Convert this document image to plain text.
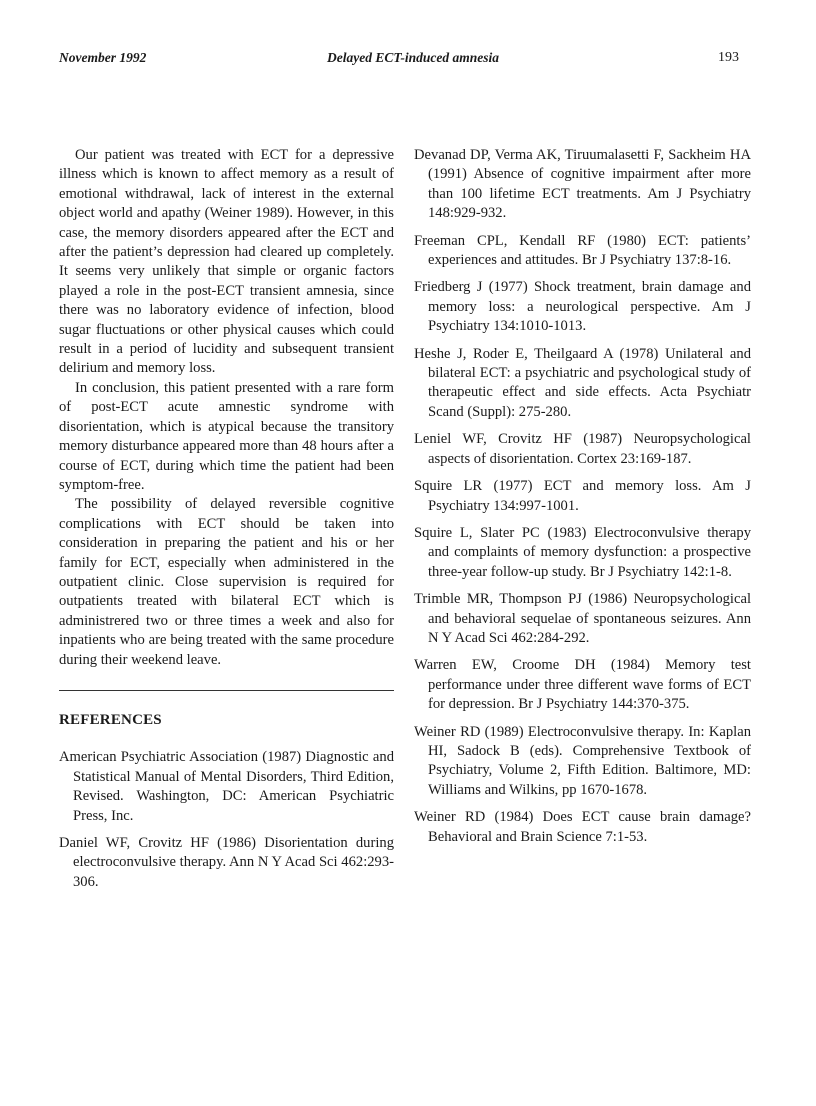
November 1992	Delayed ECT-induced amnesia	193

Our patient was treated with ECT for a depressive illness which is known to affect memory as a result of emotional withdrawal, lack of interest in the external object world and apathy (Weiner 1989). However, in this case, the memory disorders appeared after the ECT and after the patient’s depression had cleared up completely. It seems very unlikely that simple or organic factors played a role in the post-ECT transient amnesia, since there was no laboratory evidence of infection, blood sugar fluctuations or other physical causes which could result in a period of lucidity and subsequent transient delirium and memory loss.

In conclusion, this patient presented with a rare form of post-ECT acute amnestic syndrome with disorientation, which is atypical because the transitory memory disturbance appeared more than 48 hours after a course of ECT, during which time the patient had been symptom-free.

The possibility of delayed reversible cognitive complications with ECT should be taken into consideration in preparing the patient and his or her family for ECT, especially when administered in the outpatient clinic. Close supervision is required for outpatients treated with bilateral ECT which is administrered two or three times a week and also for inpatients who are being treated with the same procedure during their weekend leave.

REFERENCES

American Psychiatric Association (1987) Diagnostic and Statistical Manual of Mental Disorders, Third Edition, Revised. Washington, DC: American Psychiatric Press, Inc.

Daniel WF, Crovitz HF (1986) Disorientation during electroconvulsive therapy. Ann N Y Acad Sci 462:293-306.

Devanad DP, Verma AK, Tiruumalasetti F, Sackheim HA (1991) Absence of cognitive impairment after more than 100 lifetime ECT treatments. Am J Psychiatry 148:929-932.

Freeman CPL, Kendall RF (1980) ECT: patients’ experiences and attitudes. Br J Psychiatry 137:8-16.

Friedberg J (1977) Shock treatment, brain damage and memory loss: a neurological perspective. Am J Psychiatry 134:1010-1013.

Heshe J, Roder E, Theilgaard A (1978) Unilateral and bilateral ECT: a psychiatric and psychological study of therapeutic effect and side effects. Acta Psychiatr Scand (Suppl): 275-280.

Leniel WF, Crovitz HF (1987) Neuropsychological aspects of disorientation. Cortex 23:169-187.

Squire LR (1977) ECT and memory loss. Am J Psychiatry 134:997-1001.

Squire L, Slater PC (1983) Electroconvulsive therapy and complaints of memory dysfunction: a prospective three-year follow-up study. Br J Psychiatry 142:1-8.

Trimble MR, Thompson PJ (1986) Neuropsychological and behavioral sequelae of spontaneous seizures. Ann N Y Acad Sci 462:284-292.

Warren EW, Croome DH (1984) Memory test performance under three different wave forms of ECT for depression. Br J Psychiatry 144:370-375.

Weiner RD (1989) Electroconvulsive therapy. In: Kaplan HI, Sadock B (eds). Comprehensive Textbook of Psychiatry, Volume 2, Fifth Edition. Baltimore, MD: Williams and Wilkins, pp 1670-1678.

Weiner RD (1984) Does ECT cause brain damage? Behavioral and Brain Science 7:1-53.
